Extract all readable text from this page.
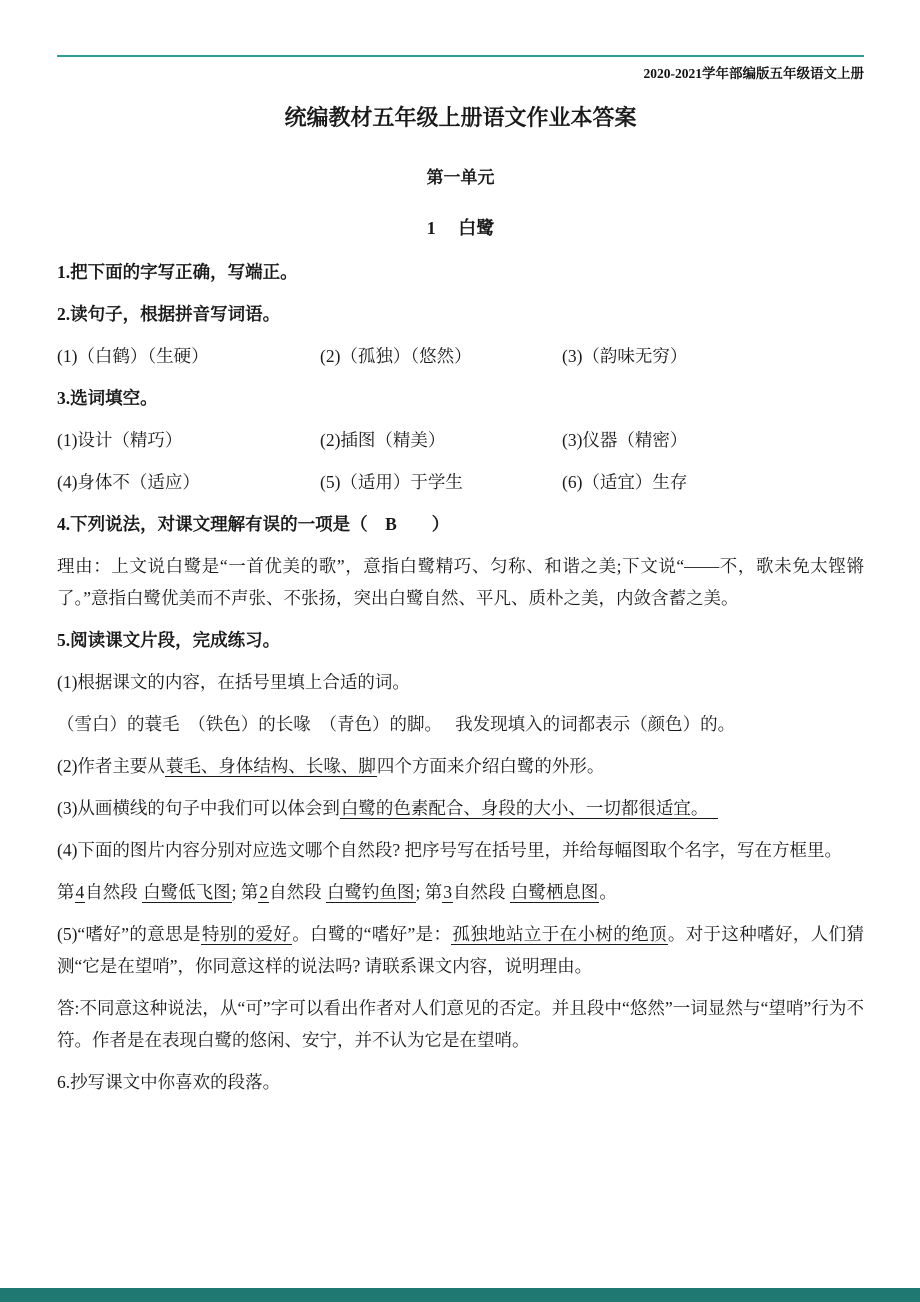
2020-2021学年部编版五年级语文上册
统编教材五年级上册语文作业本答案
第一单元
1　 白鹭

1.把下面的字写正确，写端正。

2.读句子，根据拼音写词语。

(1)（白鹤）（生硬）	(2)（孤独）（悠然）	(3)（韵味无穷）

3.选词填空。

(1)设计（精巧）	(2)插图（精美）	(3)仪器（精密）
(4)身体不（适应）	(5)（适用）于学生	(6)（适宜）生存

4.下列说法，对课文理解有误的一项是（　B　　）

理由：上文说白鹭是“一首优美的歌”，意指白鹭精巧、匀称、和谐之美;下文说“——不，歌未免太铿锵了。”意指白鹭优美而不声张、不张扬，突出白鹭自然、平凡、质朴之美，内敛含蓄之美。

5.阅读课文片段，完成练习。

(1)根据课文的内容，在括号里填上合适的词。

（雪白）的蓑毛　（铁色）的长喙　（青色）的脚。　 我发现填入的词都表示（颜色）的。

(2)作者主要从蓑毛、身体结构、长喙、脚四个方面来介绍白鹭的外形。

(3)从画横线的句子中我们可以体会到白鹭的色素配合、身段的大小、一切都很适宜。　

(4)下面的图片内容分别对应选文哪个自然段? 把序号写在括号里，并给每幅图取个名字，写在方框里。

第4自然段 白鹭低飞图; 第2自然段 白鹭钓鱼图; 第3自然段 白鹭栖息图。

(5)“嗜好”的意思是特别的爱好。白鹭的“嗜好”是：孤独地站立于在小树的绝顶。对于这种嗜好，人们猜测“它是在望哨”，你同意这样的说法吗? 请联系课文内容，说明理由。

答:不同意这种说法，从“可”字可以看出作者对人们意见的否定。并且段中“悠然”一词显然与“望哨”行为不符。作者是在表现白鹭的悠闲、安宁，并不认为它是在望哨。

6.抄写课文中你喜欢的段落。
